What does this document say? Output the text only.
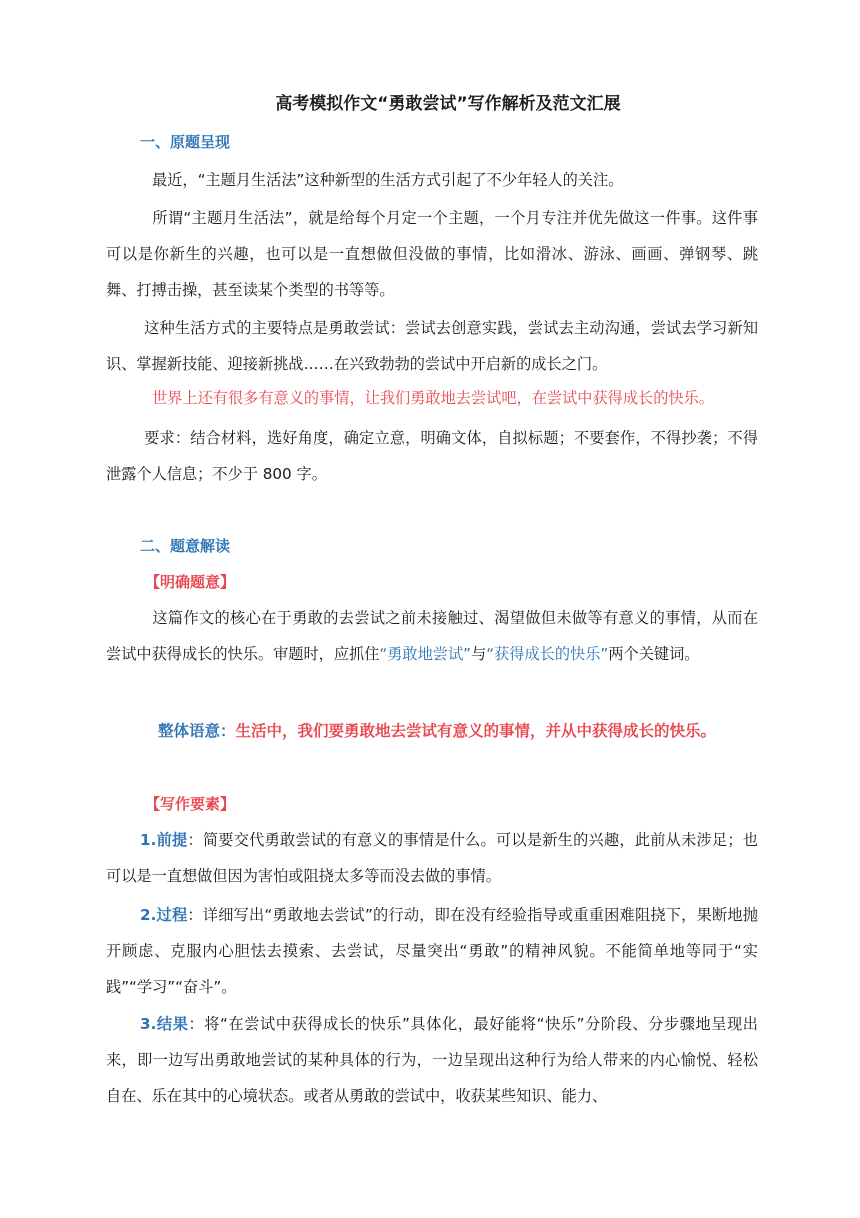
高考模拟作文“勇敢尝试”写作解析及范文汇展
一、原题呈现
最近，“主题月生活法”这种新型的生活方式引起了不少年轻人的关注。
所谓“主题月生活法”，就是给每个月定一个主题，一个月专注并优先做这一件事。这件事可以是你新生的兴趣，也可以是一直想做但没做的事情，比如滑冰、游泳、画画、弹钢琴、跳舞、打搏击操，甚至读某个类型的书等等。
这种生活方式的主要特点是勇敢尝试：尝试去创意实践，尝试去主动沟通，尝试去学习新知识、掌握新技能、迎接新挑战……在兴致勃勃的尝试中开启新的成长之门。
世界上还有很多有意义的事情，让我们勇敢地去尝试吧，在尝试中获得成长的快乐。
要求：结合材料，选好角度，确定立意，明确文体，自拟标题；不要套作，不得抄袭；不得泄露个人信息；不少于 800 字。
二、题意解读
【明确题意】
这篇作文的核心在于勇敢的去尝试之前未接触过、渴望做但未做等有意义的事情，从而在尝试中获得成长的快乐。审题时，应抓住“勇敢地尝试”与“获得成长的快乐”两个关键词。
整体语意：生活中，我们要勇敢地去尝试有意义的事情，并从中获得成长的快乐。
【写作要素】
1.前提：简要交代勇敢尝试的有意义的事情是什么。可以是新生的兴趣，此前从未涉足；也可以是一直想做但因为害怕或阻挠太多等而没去做的事情。
2.过程：详细写出“勇敢地去尝试”的行动，即在没有经验指导或重重困难阻挠下，果断地抛开顾虑、克服内心胆怯去摸索、去尝试，尽量突出“勇敢”的精神风貌。不能简单地等同于“实践”“学习”“奋斗”。
3.结果：将“在尝试中获得成长的快乐”具体化，最好能将“快乐”分阶段、分步骤地呈现出来，即一边写出勇敢地尝试的某种具体的行为，一边呈现出这种行为给人带来的内心愉悦、轻松自在、乐在其中的心境状态。或者从勇敢的尝试中，收获某些知识、能力、
